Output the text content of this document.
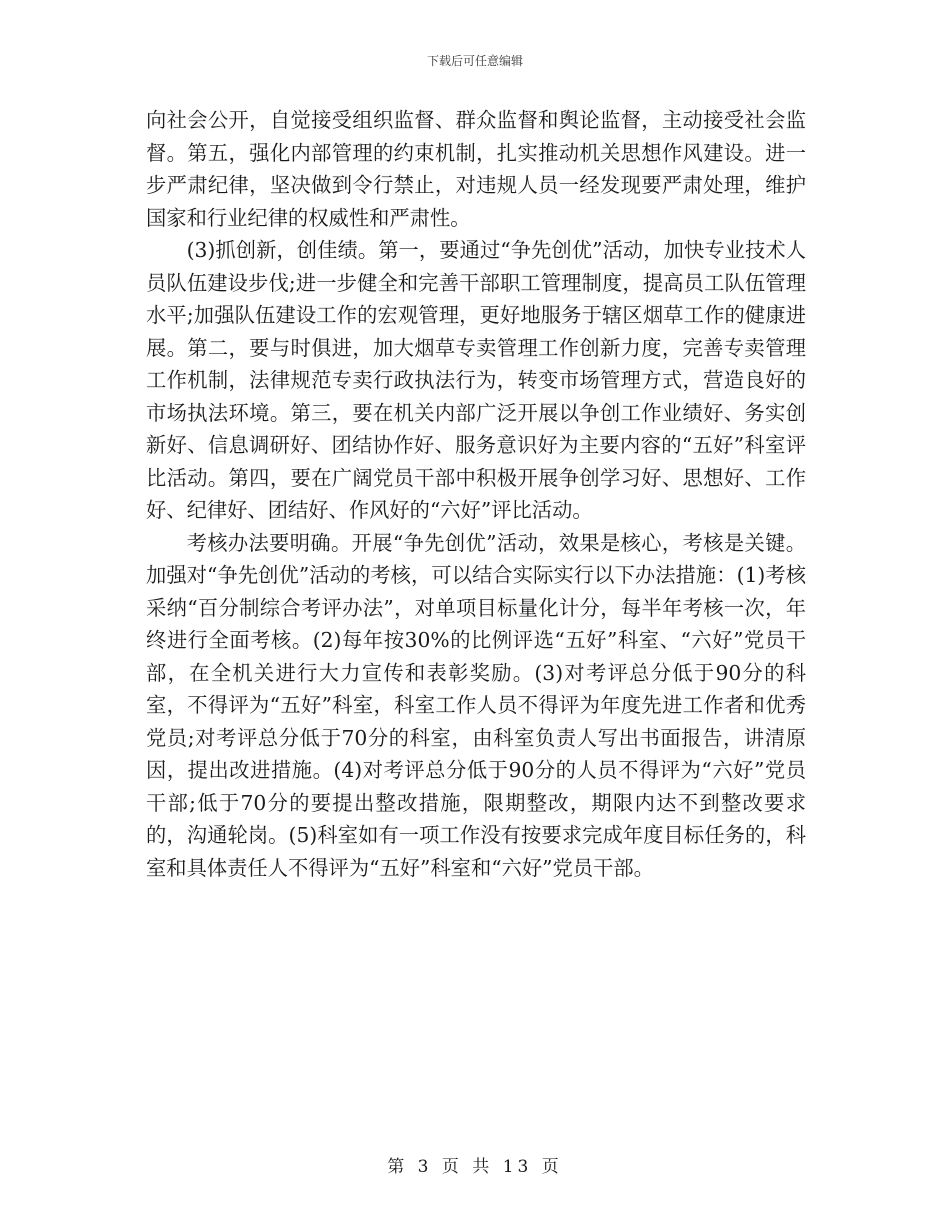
下载后可任意编辑

向社会公开，自觉接受组织监督、群众监督和舆论监督，主动接受社会监督。第五，强化内部管理的约束机制，扎实推动机关思想作风建设。进一步严肃纪律，坚决做到令行禁止，对违规人员一经发现要严肃处理，维护国家和行业纪律的权威性和严肃性。

(3)抓创新，创佳绩。第一，要通过“争先创优”活动，加快专业技术人员队伍建设步伐;进一步健全和完善干部职工管理制度，提高员工队伍管理水平;加强队伍建设工作的宏观管理，更好地服务于辖区烟草工作的健康进展。第二，要与时俱进，加大烟草专卖管理工作创新力度，完善专卖管理工作机制，法律规范专卖行政执法行为，转变市场管理方式，营造良好的市场执法环境。第三，要在机关内部广泛开展以争创工作业绩好、务实创新好、信息调研好、团结协作好、服务意识好为主要内容的“五好”科室评比活动。第四，要在广阔党员干部中积极开展争创学习好、思想好、工作好、纪律好、团结好、作风好的“六好”评比活动。

考核办法要明确。开展“争先创优”活动，效果是核心，考核是关键。加强对“争先创优”活动的考核，可以结合实际实行以下办法措施：(1)考核采纳“百分制综合考评办法”，对单项目标量化计分，每半年考核一次，年终进行全面考核。(2)每年按30%的比例评选“五好”科室、“六好”党员干部，在全机关进行大力宣传和表彰奖励。(3)对考评总分低于90分的科室，不得评为“五好”科室，科室工作人员不得评为年度先进工作者和优秀党员;对考评总分低于70分的科室，由科室负责人写出书面报告，讲清原因，提出改进措施。(4)对考评总分低于90分的人员不得评为“六好”党员干部;低于70分的要提出整改措施，限期整改，期限内达不到整改要求的，沟通轮岗。(5)科室如有一项工作没有按要求完成年度目标任务的，科室和具体责任人不得评为“五好”科室和“六好”党员干部。

第 3 页 共 13 页
